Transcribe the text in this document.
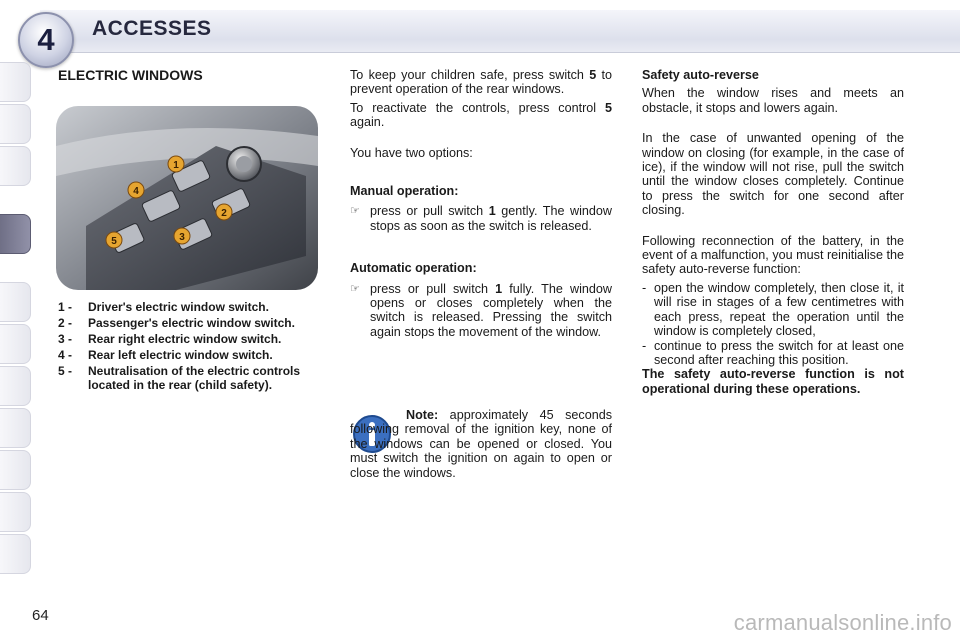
4	ACCESSES
ELECTRIC WINDOWS
1
2
3
4
5
1 -	Driver's electric window switch.
2 -	Passenger's electric window switch.
3 -	Rear right electric window switch.
4 -	Rear left electric window switch.
5 -	Neutralisation of the electric controls located in the rear (child safety).

To keep your children safe, press switch 5 to prevent operation of the rear windows.

To reactivate the controls, press control 5 again.

You have two options:

Manual operation:

☞ press or pull switch 1 gently. The window stops as soon as the switch is released.

Automatic operation:

☞ press or pull switch 1 fully. The window opens or closes completely when the switch is released. Pressing the switch again stops the movement of the window.

Note: approximately 45 seconds following removal of the ignition key, none of the windows can be opened or closed. You must switch the ignition on again to open or close the windows.

Safety auto-reverse

When the window rises and meets an obstacle, it stops and lowers again.

In the case of unwanted opening of the window on closing (for example, in the case of ice), if the window will not rise, pull the switch until the window closes completely. Continue to press the switch for one second after closing.

Following reconnection of the battery, in the event of a malfunction, you must reinitialise the safety auto-reverse function:

- open the window completely, then close it, it will rise in stages of a few centimetres with each press, repeat the operation until the window is completely closed,
- continue to press the switch for at least one second after reaching this position.

The safety auto-reverse function is not operational during these operations.

64	carmanualsonline.info
